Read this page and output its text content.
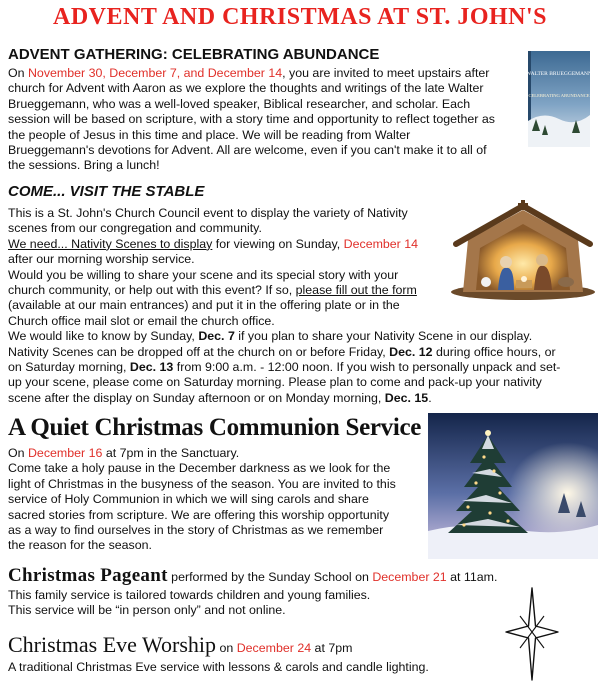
ADVENT AND CHRISTMAS AT ST. JOHN'S
ADVENT GATHERING: CELEBRATING ABUNDANCE
On November 30, December 7, and December 14, you are invited to meet upstairs after
church for Advent with Aaron as we explore the thoughts and writings of the late Walter
Brueggemann, who was a well-loved speaker, Biblical researcher, and scholar. Each
session will be based on scripture, with a story time and opportunity to reflect together as
the people of Jesus in this time and place. We will be reading from Walter
Brueggemann's devotions for Advent. All are welcome, even if you can't make it to all of
the sessions. Bring a lunch!
WALTER BRUEGGEMANN
CELEBRATING ABUNDANCE
COME... VISIT THE STABLE
This is a St. John's Church Council event to display the variety of Nativity
scenes from our congregation and community.
We need... Nativity Scenes to display for viewing on Sunday, December 14
after our morning worship service.
Would you be willing to share your scene and its special story with your
church community, or help out with this event? If so, please fill out the form
(available at our main entrances) and put it in the offering plate or in the
Church office mail slot or email the church office.
We would like to know by Sunday, Dec. 7 if you plan to share your Nativity Scene in our display.
Nativity Scenes can be dropped off at the church on or before Friday, Dec. 12 during office hours, or
on Saturday morning, Dec. 13 from 9:00 a.m. - 12:00 noon. If you wish to personally unpack and set-
up your scene, please come on Saturday morning. Please plan to come and pack-up your nativity
scene after the display on Sunday afternoon or on Monday morning, Dec. 15.
A Quiet Christmas Communion Service
On December 16 at 7pm in the Sanctuary.
Come take a holy pause in the December darkness as we look for the
light of Christmas in the busyness of the season. You are invited to this
service of Holy Communion in which we will sing carols and share
sacred stories from scripture. We are offering this worship opportunity
as a way to find ourselves in the story of Christmas as we remember
the reason for the season.
Christmas Pageant performed by the Sunday School on December 21 at 11am.
This family service is tailored towards children and young families.
This service will be “in person only” and not online.
Christmas Eve Worship on December 24 at 7pm
A traditional Christmas Eve service with lessons & carols and candle lighting.
